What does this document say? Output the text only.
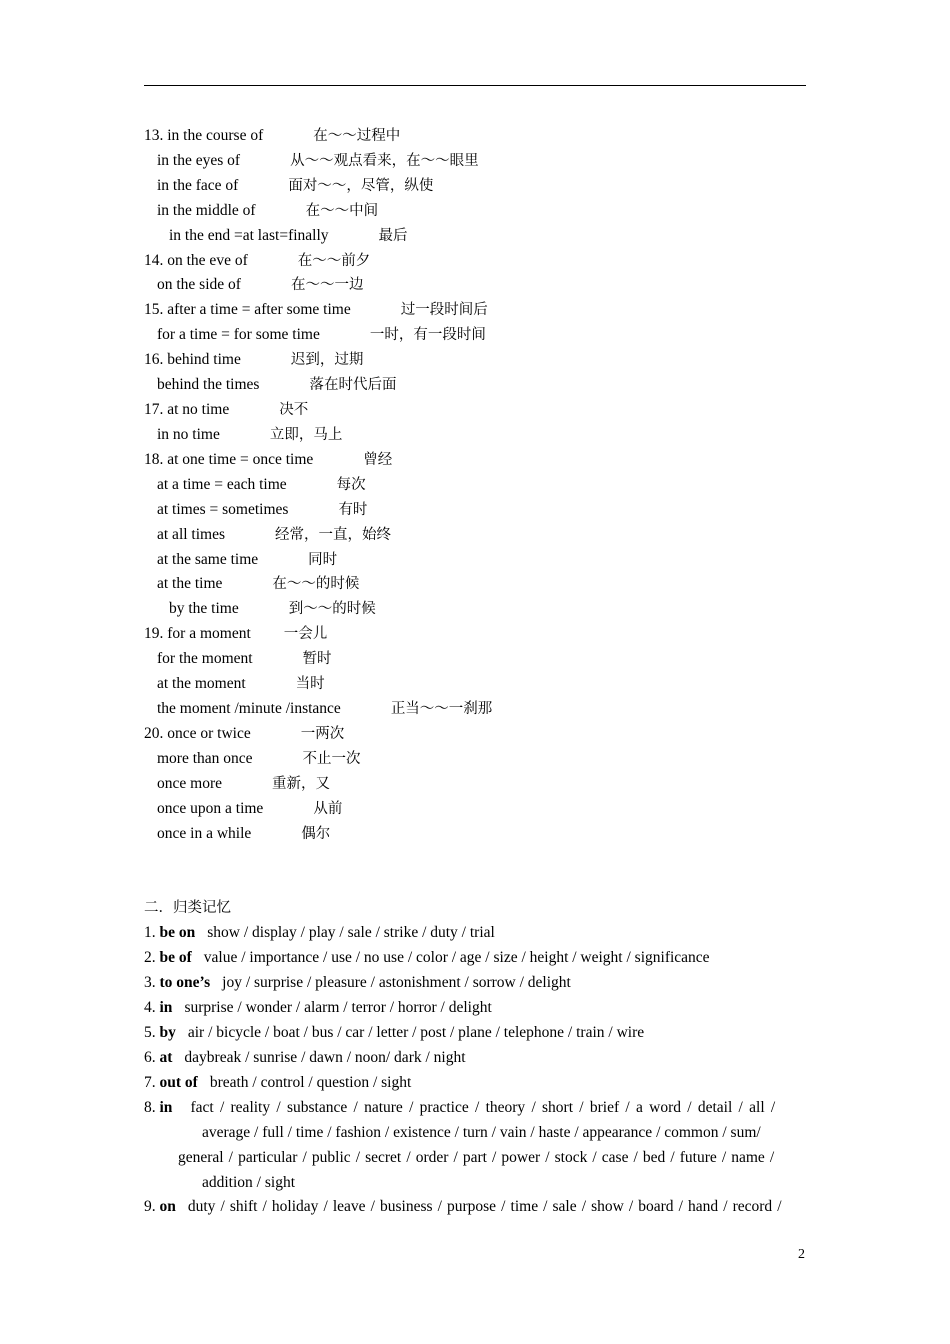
13. in the course of	在～～过程中
in the eyes of	从～～观点看来，在～～眼里
in the face of	面对～～，尽管，纵使
in the middle of	在～～中间
in the end =at last=finally	最后
14. on the eve of	在～～前夕
on the side of	在～～一边
15. after a time = after some time	过一段时间后
for a time = for some time	一时，有一段时间
16. behind time	迟到，过期
behind the times	落在时代后面
17. at no time	决不
in no time	立即，马上
18. at one time = once time	曾经
at a time = each time	每次
at times = sometimes	有时
at all times	经常，一直，始终
at the same time	同时
at the time	在～～的时候
by the time	到～～的时候
19. for a moment 一会儿
for the moment	暂时
at the moment	当时
the moment /minute /instance	正当～～一刹那
20. once or twice	一两次
more than once	不止一次
once more	重新，又
once upon a time	从前
once in a while	偶尔
二．归类记忆
1. be on show / display / play / sale / strike / duty / trial
2. be of value / importance / use / no use / color / age / size / height / weight / significance
3. to one’s joy / surprise / pleasure / astonishment / sorrow / delight
4. in surprise / wonder / alarm / terror / horror / delight
5. by air / bicycle / boat / bus / car / letter / post / plane / telephone / train / wire
6. at daybreak / sunrise / dawn / noon/ dark / night
7. out of breath / control / question / sight
8. in fact / reality / substance / nature / practice / theory / short / brief / a word / detail / all /
average / full / time / fashion / existence / turn / vain / haste / appearance / common / sum/
general / particular / public / secret / order / part / power / stock / case / bed / future / name /
addition / sight
9. on duty / shift / holiday / leave / business / purpose / time / sale / show / board / hand / record /
2
